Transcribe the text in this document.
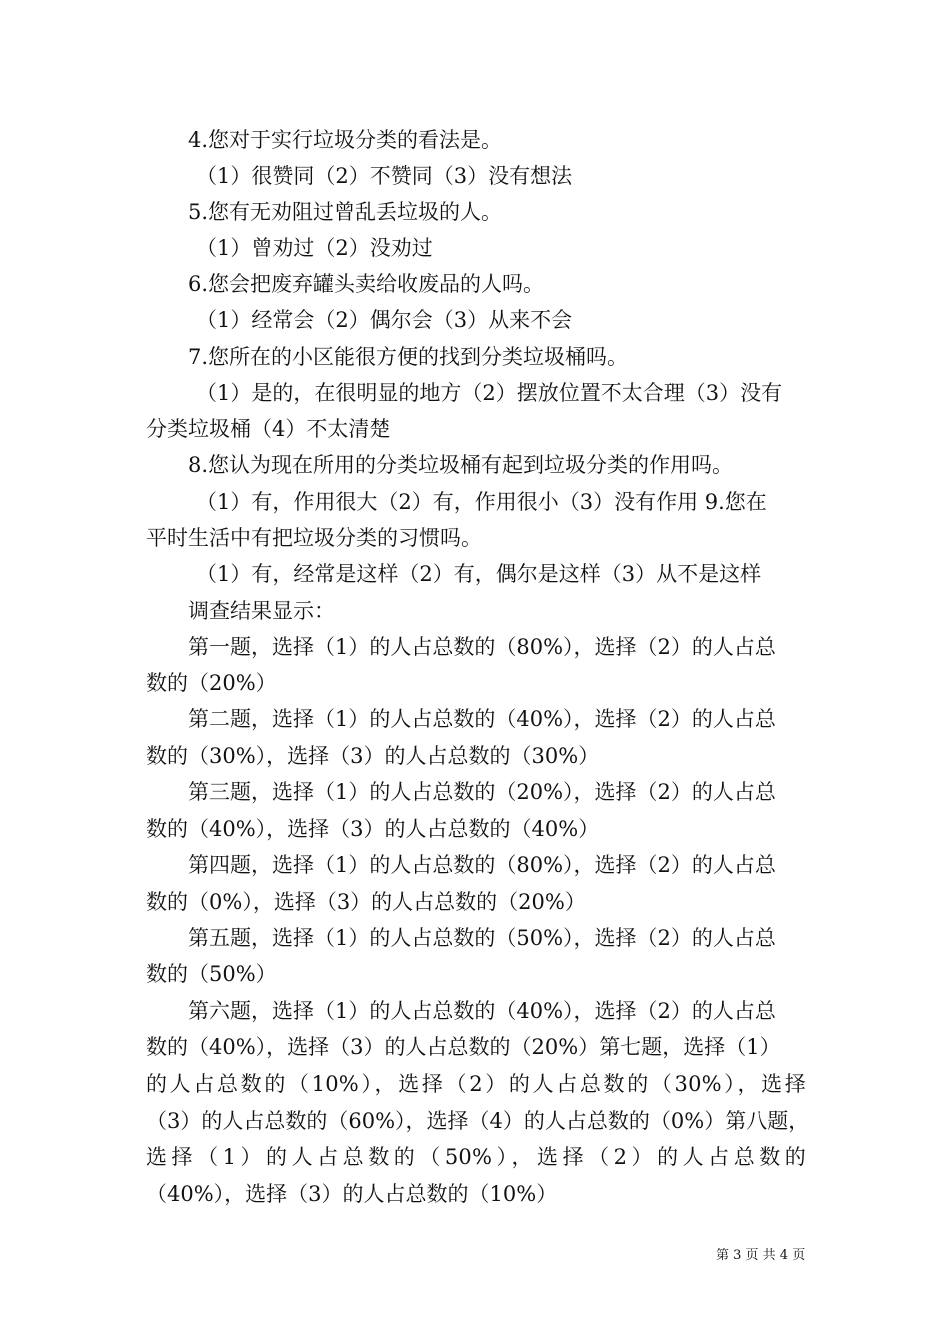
4.您对于实行垃圾分类的看法是。
（1）很赞同（2）不赞同（3）没有想法
5.您有无劝阻过曾乱丢垃圾的人。
（1）曾劝过（2）没劝过
6.您会把废弃罐头卖给收废品的人吗。
（1）经常会（2）偶尔会（3）从来不会
7.您所在的小区能很方便的找到分类垃圾桶吗。
（1）是的，在很明显的地方（2）摆放位置不太合理（3）没有
分类垃圾桶（4）不太清楚
8.您认为现在所用的分类垃圾桶有起到垃圾分类的作用吗。
（1）有，作用很大（2）有，作用很小（3）没有作用 9.您在
平时生活中有把垃圾分类的习惯吗。
（1）有，经常是这样（2）有，偶尔是这样（3）从不是这样
调查结果显示：
第一题，选择（1）的人占总数的（80%），选择（2）的人占总
数的（20%）
第二题，选择（1）的人占总数的（40%），选择（2）的人占总
数的（30%），选择（3）的人占总数的（30%）
第三题，选择（1）的人占总数的（20%），选择（2）的人占总
数的（40%），选择（3）的人占总数的（40%）
第四题，选择（1）的人占总数的（80%），选择（2）的人占总
数的（0%），选择（3）的人占总数的（20%）
第五题，选择（1）的人占总数的（50%），选择（2）的人占总
数的（50%）
第六题，选择（1）的人占总数的（40%），选择（2）的人占总
数的（40%），选择（3）的人占总数的（20%）第七题，选择（1）
的人占总数的（10%），选择（2）的人占总数的（30%），选择
（3）的人占总数的（60%），选择（4）的人占总数的（0%）第八题，
选择（1）的人占总数的（50%），选择（2）的人占总数的
（40%），选择（3）的人占总数的（10%）
第 3 页 共 4 页
